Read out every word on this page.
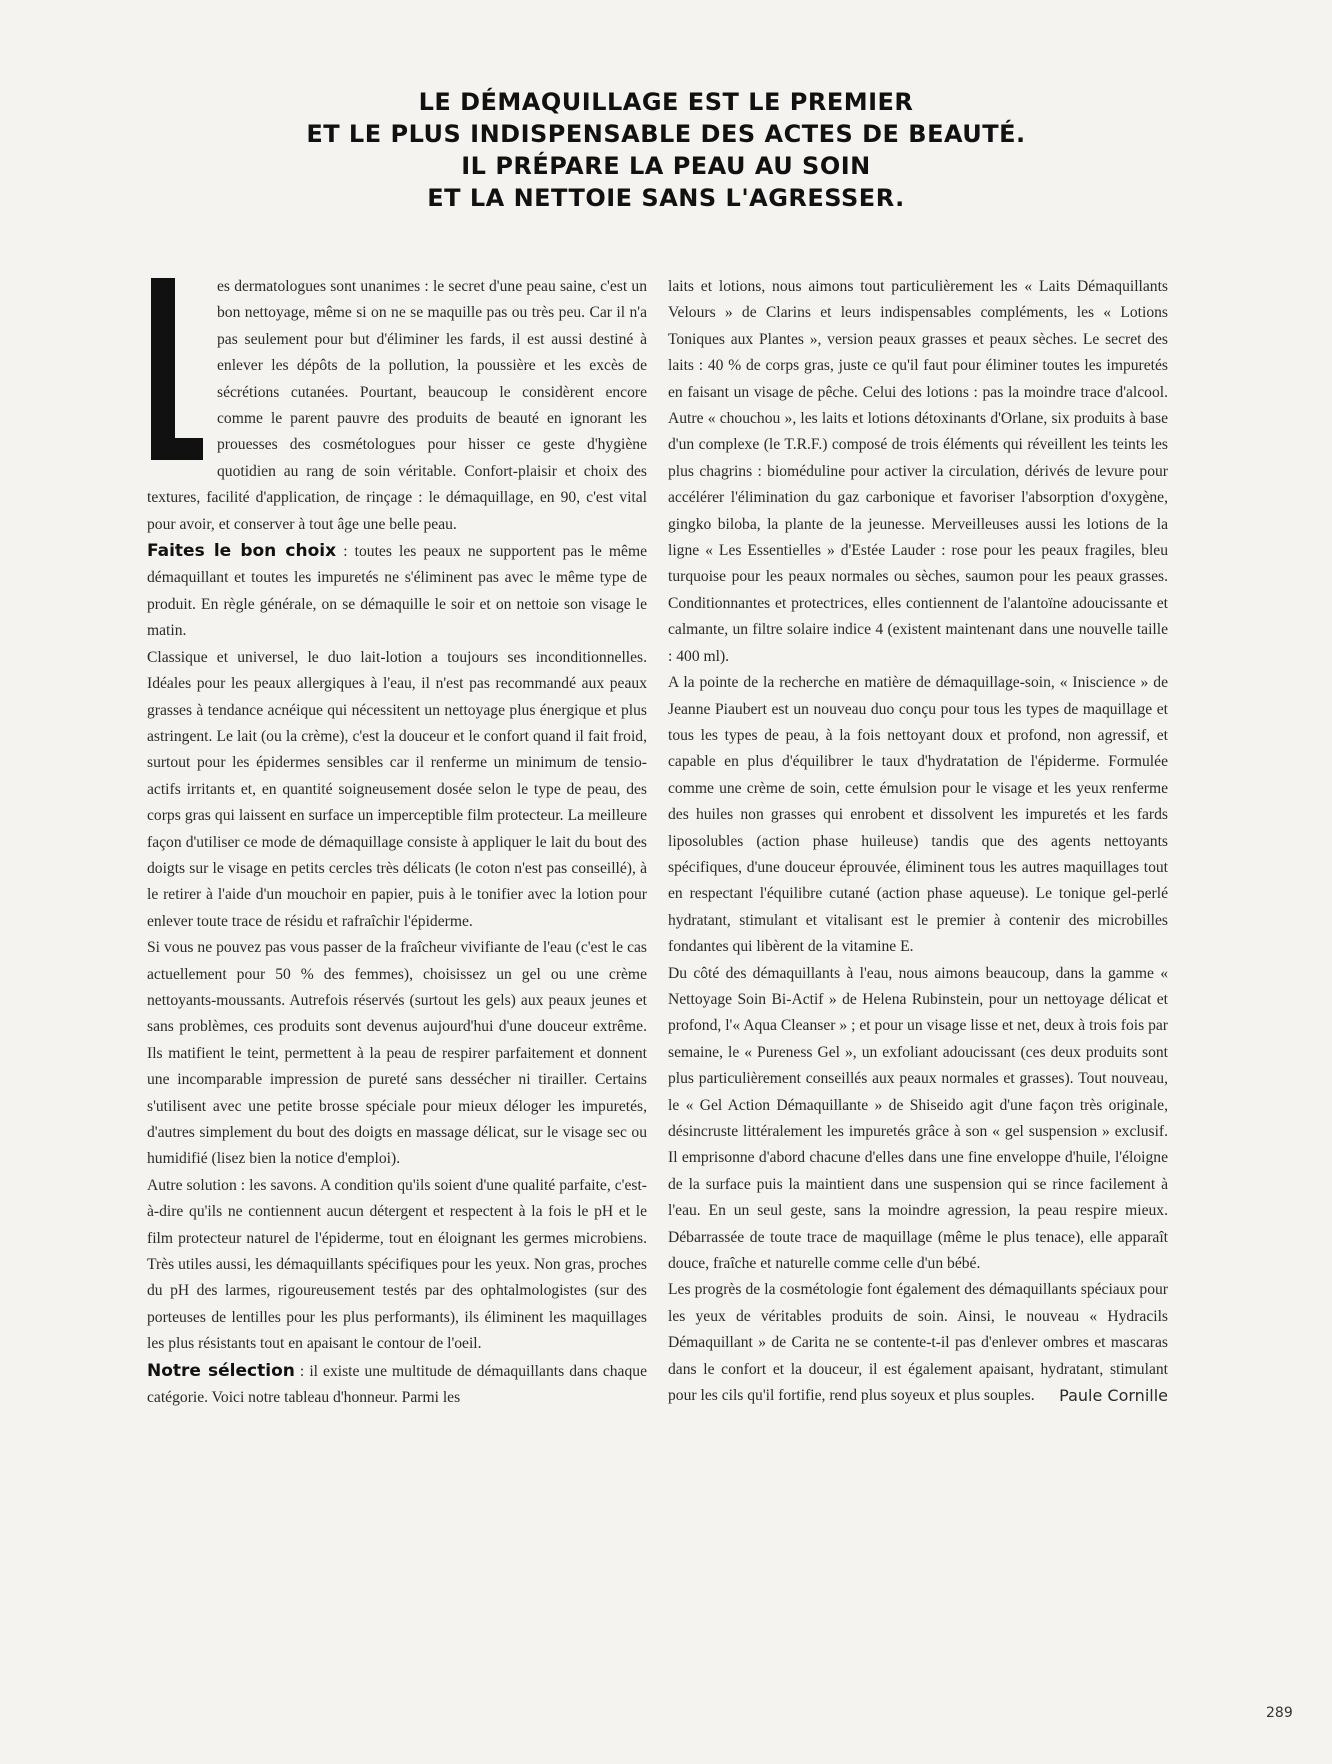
LE DÉMAQUILLAGE EST LE PREMIER
ET LE PLUS INDISPENSABLE DES ACTES DE BEAUTÉ.
IL PRÉPARE LA PEAU AU SOIN
ET LA NETTOIE SANS L'AGRESSER.

es dermatologues sont unanimes : le secret d'une peau saine, c'est un bon nettoyage, même si on ne se maquille pas ou très peu. Car il n'a pas seulement pour but d'éliminer les fards, il est aussi destiné à enlever les dépôts de la pollution, la poussière et les excès de sécrétions cutanées. Pourtant, beaucoup le considèrent encore comme le parent pauvre des produits de beauté en ignorant les prouesses des cosmétologues pour hisser ce geste d'hygiène quotidien au rang de soin véritable. Confort-plaisir et choix des textures, facilité d'application, de rinçage : le démaquillage, en 90, c'est vital pour avoir, et conserver à tout âge une belle peau.

Faites le bon choix : toutes les peaux ne supportent pas le même démaquillant et toutes les impuretés ne s'éliminent pas avec le même type de produit. En règle générale, on se démaquille le soir et on nettoie son visage le matin.

Classique et universel, le duo lait-lotion a toujours ses inconditionnelles. Idéales pour les peaux allergiques à l'eau, il n'est pas recommandé aux peaux grasses à tendance acnéique qui nécessitent un nettoyage plus énergique et plus astringent. Le lait (ou la crème), c'est la douceur et le confort quand il fait froid, surtout pour les épidermes sensibles car il renferme un minimum de tensio-actifs irritants et, en quantité soigneusement dosée selon le type de peau, des corps gras qui laissent en surface un imperceptible film protecteur. La meilleure façon d'utiliser ce mode de démaquillage consiste à appliquer le lait du bout des doigts sur le visage en petits cercles très délicats (le coton n'est pas conseillé), à le retirer à l'aide d'un mouchoir en papier, puis à le tonifier avec la lotion pour enlever toute trace de résidu et rafraîchir l'épiderme.

Si vous ne pouvez pas vous passer de la fraîcheur vivifiante de l'eau (c'est le cas actuellement pour 50 % des femmes), choisissez un gel ou une crème nettoyants-moussants. Autrefois réservés (surtout les gels) aux peaux jeunes et sans problèmes, ces produits sont devenus aujourd'hui d'une douceur extrême. Ils matifient le teint, permettent à la peau de respirer parfaitement et donnent une incomparable impression de pureté sans dessécher ni tirailler. Certains s'utilisent avec une petite brosse spéciale pour mieux déloger les impuretés, d'autres simplement du bout des doigts en massage délicat, sur le visage sec ou humidifié (lisez bien la notice d'emploi).

Autre solution : les savons. A condition qu'ils soient d'une qualité parfaite, c'est-à-dire qu'ils ne contiennent aucun détergent et respectent à la fois le pH et le film protecteur naturel de l'épiderme, tout en éloignant les germes microbiens. Très utiles aussi, les démaquillants spécifiques pour les yeux. Non gras, proches du pH des larmes, rigoureusement testés par des ophtalmologistes (sur des porteuses de lentilles pour les plus performants), ils éliminent les maquillages les plus résistants tout en apaisant le contour de l'oeil.

Notre sélection : il existe une multitude de démaquillants dans chaque catégorie. Voici notre tableau d'honneur. Parmi les

laits et lotions, nous aimons tout particulièrement les « Laits Démaquillants Velours » de Clarins et leurs indispensables compléments, les « Lotions Toniques aux Plantes », version peaux grasses et peaux sèches. Le secret des laits : 40 % de corps gras, juste ce qu'il faut pour éliminer toutes les impuretés en faisant un visage de pêche. Celui des lotions : pas la moindre trace d'alcool. Autre « chouchou », les laits et lotions détoxinants d'Orlane, six produits à base d'un complexe (le T.R.F.) composé de trois éléments qui réveillent les teints les plus chagrins : bioméduline pour activer la circulation, dérivés de levure pour accélérer l'élimination du gaz carbonique et favoriser l'absorption d'oxygène, gingko biloba, la plante de la jeunesse. Merveilleuses aussi les lotions de la ligne « Les Essentielles » d'Estée Lauder : rose pour les peaux fragiles, bleu turquoise pour les peaux normales ou sèches, saumon pour les peaux grasses. Conditionnantes et protectrices, elles contiennent de l'alantoïne adoucissante et calmante, un filtre solaire indice 4 (existent maintenant dans une nouvelle taille : 400 ml).

A la pointe de la recherche en matière de démaquillage-soin, « Iniscience » de Jeanne Piaubert est un nouveau duo conçu pour tous les types de maquillage et tous les types de peau, à la fois nettoyant doux et profond, non agressif, et capable en plus d'équilibrer le taux d'hydratation de l'épiderme. Formulée comme une crème de soin, cette émulsion pour le visage et les yeux renferme des huiles non grasses qui enrobent et dissolvent les impuretés et les fards liposolubles (action phase huileuse) tandis que des agents nettoyants spécifiques, d'une douceur éprouvée, éliminent tous les autres maquillages tout en respectant l'équilibre cutané (action phase aqueuse). Le tonique gel-perlé hydratant, stimulant et vitalisant est le premier à contenir des microbilles fondantes qui libèrent de la vitamine E.

Du côté des démaquillants à l'eau, nous aimons beaucoup, dans la gamme « Nettoyage Soin Bi-Actif » de Helena Rubinstein, pour un nettoyage délicat et profond, l'« Aqua Cleanser » ; et pour un visage lisse et net, deux à trois fois par semaine, le « Pureness Gel », un exfoliant adoucissant (ces deux produits sont plus particulièrement conseillés aux peaux normales et grasses). Tout nouveau, le « Gel Action Démaquillante » de Shiseido agit d'une façon très originale, désincruste littéralement les impuretés grâce à son « gel suspension » exclusif. Il emprisonne d'abord chacune d'elles dans une fine enveloppe d'huile, l'éloigne de la surface puis la maintient dans une suspension qui se rince facilement à l'eau. En un seul geste, sans la moindre agression, la peau respire mieux. Débarrassée de toute trace de maquillage (même le plus tenace), elle apparaît douce, fraîche et naturelle comme celle d'un bébé.

Les progrès de la cosmétologie font également des démaquillants spéciaux pour les yeux de véritables produits de soin. Ainsi, le nouveau « Hydracils Démaquillant » de Carita ne se contente-t-il pas d'enlever ombres et mascaras dans le confort et la douceur, il est également apaisant, hydratant, stimulant pour les cils qu'il fortifie, rend plus soyeux et plus souples. Paule Cornille

289
